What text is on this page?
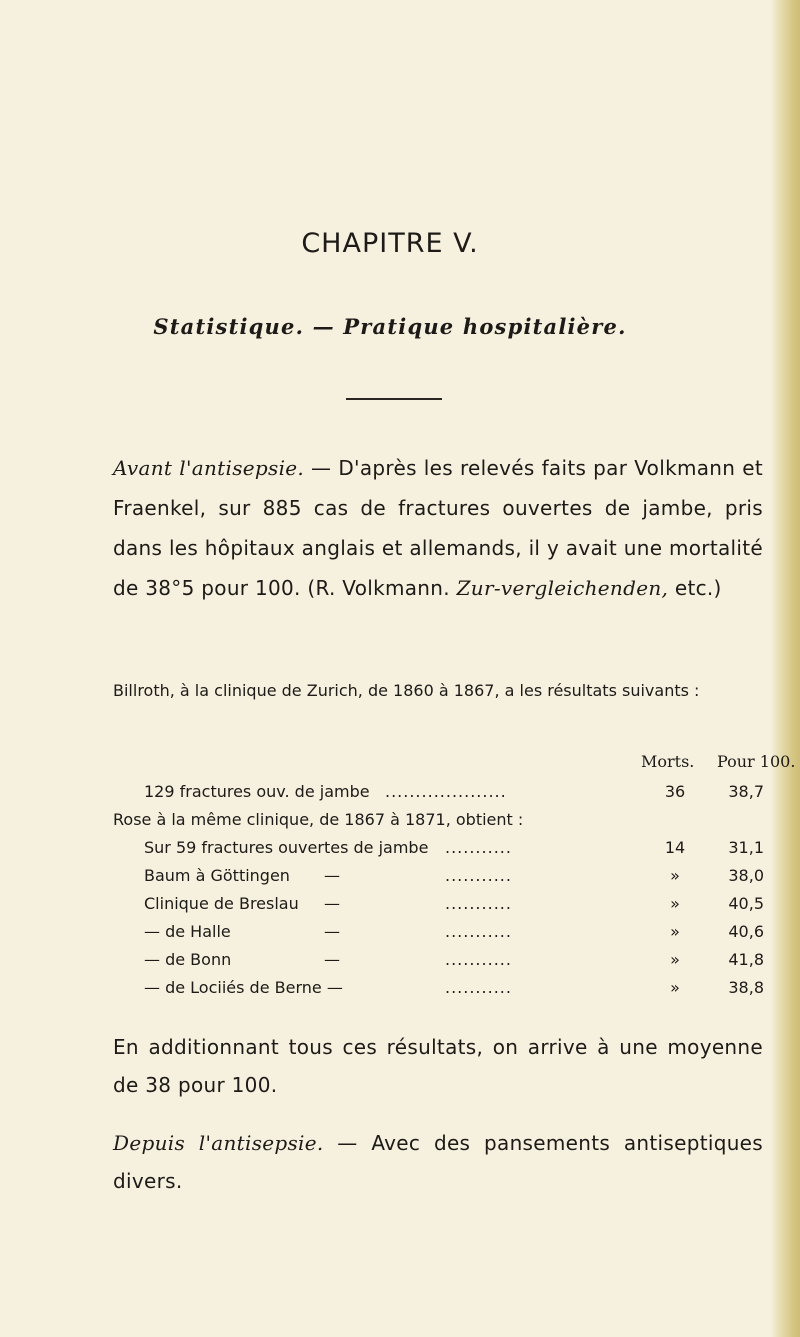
CHAPITRE V.
Statistique. — Pratique hospitalière.

Avant l'antisepsie. — D'après les relevés faits par Volkmann et Fraenkel, sur 885 cas de fractures ouvertes de jambe, pris dans les hôpitaux anglais et allemands, il y avait une mortalité de 38°5 pour 100. (R. Volkmann. Zur-vergleichenden, etc.)

Billroth, à la clinique de Zurich, de 1860 à 1867, a les résultats suivants :

Morts. Pour 100.
129 fractures ouv. de jambe ....................	36	38,7
Rose à la même clinique, de 1867 à 1871, obtient :
Sur 59 fractures ouvertes de jambe ...........	14	31,1
Baum à Göttingen —	...........	»	38,0
Clinique de Breslau —	...........	»	40,5
— de Halle	—	...........	»	40,6
— de Bonn	—	...........	»	41,8
— de Lociiés de Berne —	...........	»	38,8

En additionnant tous ces résultats, on arrive à une moyenne de 38 pour 100.

Depuis l'antisepsie. — Avec des pansements antiseptiques divers.
